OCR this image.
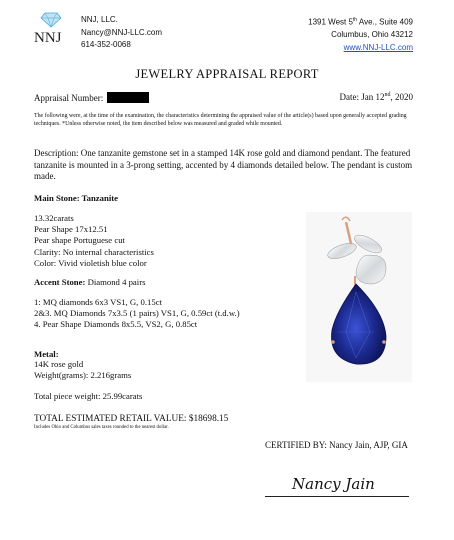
NNJ
NNJ, LLC.
Nancy@NNJ-LLC.com
614-352-0068
1391 West 5th Ave., Suite 409
Columbus, Ohio 43212
www.NNJ-LLC.com
JEWELRY APPRAISAL REPORT
Appraisal Number:	Date: Jan 12nd, 2020
The following were, at the time of the examination, the characteristics determining the appraised value of the article(s) based upon generally accepted grading techniques. *Unless otherwise noted, the item described below was measured and graded while mounted.
Description: One tanzanite gemstone set in a stamped 14K rose gold and diamond pendant. The featured tanzanite is mounted in a 3-prong setting, accented by 4 diamonds detailed below. The pendant is custom made.
Main Stone: Tanzanite
13.32carats
Pear Shape 17x12.51
Pear shape Portuguese cut
Clarity: No internal characteristics
Color: Vivid violetish blue color
Accent Stone: Diamond 4 pairs
1: MQ diamonds 6x3 VS1, G, 0.15ct
2&3. MQ Diamonds 7x3.5 (1 pairs) VS1, G, 0.59ct (t.d.w.)
4. Pear Shape Diamonds 8x5.5, VS2, G, 0.85ct
Metal:
14K rose gold
Weight(grams): 2.216grams
Total piece weight: 25.99carats
TOTAL ESTIMATED RETAIL VALUE: $18698.15
Includes Ohio and Columbus sales taxes rounded to the nearest dollar.
CERTIFIED BY: Nancy Jain, AJP, GIA
Nancy Jain
